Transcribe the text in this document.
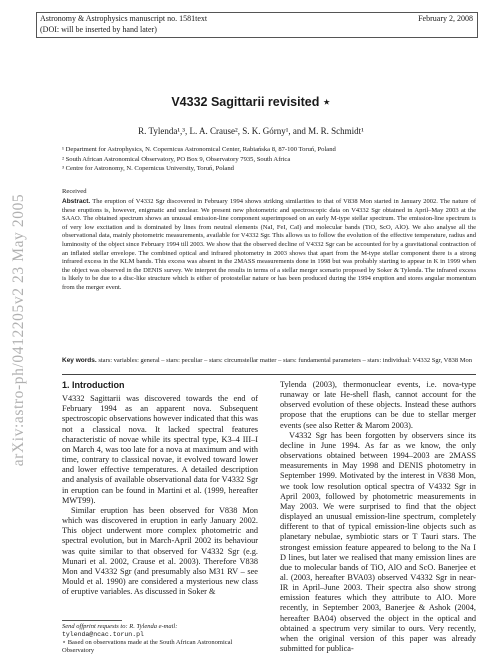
Astronomy & Astrophysics manuscript no. 1581text
(DOI: will be inserted by hand later)
February 2, 2008
arXiv:astro-ph/0412205v2 23 May 2005
V4332 Sagittarii revisited ⋆
R. Tylenda¹,³, L. A. Crause², S. K. Górny¹, and M. R. Schmidt¹
¹ Department for Astrophysics, N. Copernicus Astronomical Center, Rabiańska 8, 87-100 Toruń, Poland
² South African Astronomical Observatory, PO Box 9, Observatory 7935, South Africa
³ Centre for Astronomy, N. Copernicus University, Toruń, Poland
Received
Abstract. The eruption of V4332 Sgr discovered in February 1994 shows striking similarities to that of V838 Mon started in January 2002. The nature of these eruptions is, however, enigmatic and unclear. We present new photometric and spectroscopic data on V4332 Sgr obtained in April–May 2003 at the SAAO. The obtained spectrum shows an unusual emission-line component superimposed on an early M-type stellar spectrum. The emission-line spectrum is of very low excitation and is dominated by lines from neutral elements (NaI, FeI, CaI) and molecular bands (TiO, ScO, AlO). We also analyse all the observational data, mainly photometric measurements, available for V4332 Sgr. This allows us to follow the evolution of the effective temperature, radius and luminosity of the object since February 1994 till 2003. We show that the observed decline of V4332 Sgr can be accounted for by a gravitational contraction of an inflated stellar envelope. The combined optical and infrared photometry in 2003 shows that apart from the M-type stellar component there is a strong infrared excess in the KLM bands. This excess was absent in the 2MASS measurements done in 1998 but was probably starting to appear in K in 1999 when the object was observed in the DENIS survey. We interpret the results in terms of a stellar merger scenario proposed by Soker & Tylenda. The infrared excess is likely to be due to a disc-like structure which is either of protostellar nature or has been produced during the 1994 eruption and stores angular momentum from the merger event.
Key words. stars: variables: general – stars: peculiar – stars: circumstellar matter – stars: fundamental parameters – stars: individual: V4332 Sgr, V838 Mon
1. Introduction

V4332 Sagittarii was discovered towards the end of February 1994 as an apparent nova. Subsequent spectroscopic observations however indicated that this was not a classical nova. It lacked spectral features characteristic of novae while its spectral type, K3–4 III–I on March 4, was too late for a nova at maximum and with time, contrary to classical novae, it evolved toward lower and lower effective temperatures. A detailed description and analysis of available observational data for V4332 Sgr in eruption can be found in Martini et al. (1999, hereafter MWT99).

Similar eruption has been observed for V838 Mon which was discovered in eruption in early January 2002. This object underwent more complex photometric and spectral evolution, but in March-April 2002 its behaviour was quite similar to that observed for V4332 Sgr (e.g. Munari et al. 2002, Crause et al. 2003). Therefore V838 Mon and V4332 Sgr (and presumably also M31 RV – see Mould et al. 1990) are considered a mysterious new class of eruptive variables. As discussed in Soker &

Tylenda (2003), thermonuclear events, i.e. nova-type runaway or late He-shell flash, cannot account for the observed evolution of these objects. Instead these authors propose that the eruptions can be due to stellar merger events (see also Retter & Marom 2003).

V4332 Sgr has been forgotten by observers since its decline in June 1994. As far as we know, the only observations obtained between 1994–2003 are 2MASS measurements in May 1998 and DENIS photometry in September 1999. Motivated by the interest in V838 Mon, we took low resolution optical spectra of V4332 Sgr in April 2003, followed by photometric measurements in May 2003. We were surprised to find that the object displayed an unusual emission-line spectrum, completely different to that of typical emission-line objects such as planetary nebulae, symbiotic stars or T Tauri stars. The strongest emission feature appeared to belong to the Na I D lines, but later we realised that many emission lines are due to molecular bands of TiO, AlO and ScO. Banerjee et al. (2003, hereafter BVA03) observed V4332 Sgr in near-IR in April–June 2003. Their spectra also show strong emission features which they attribute to AlO. More recently, in September 2003, Banerjee & Ashok (2004, hereafter BA04) observed the object in the optical and obtained a spectrum very similar to ours. Very recently, when the original version of this paper was already submitted for publica-

Send offprint requests to: R. Tylenda e-mail: tylenda@ncac.torun.pl
⋆ Based on observations made at the South African Astronomical Observatory
